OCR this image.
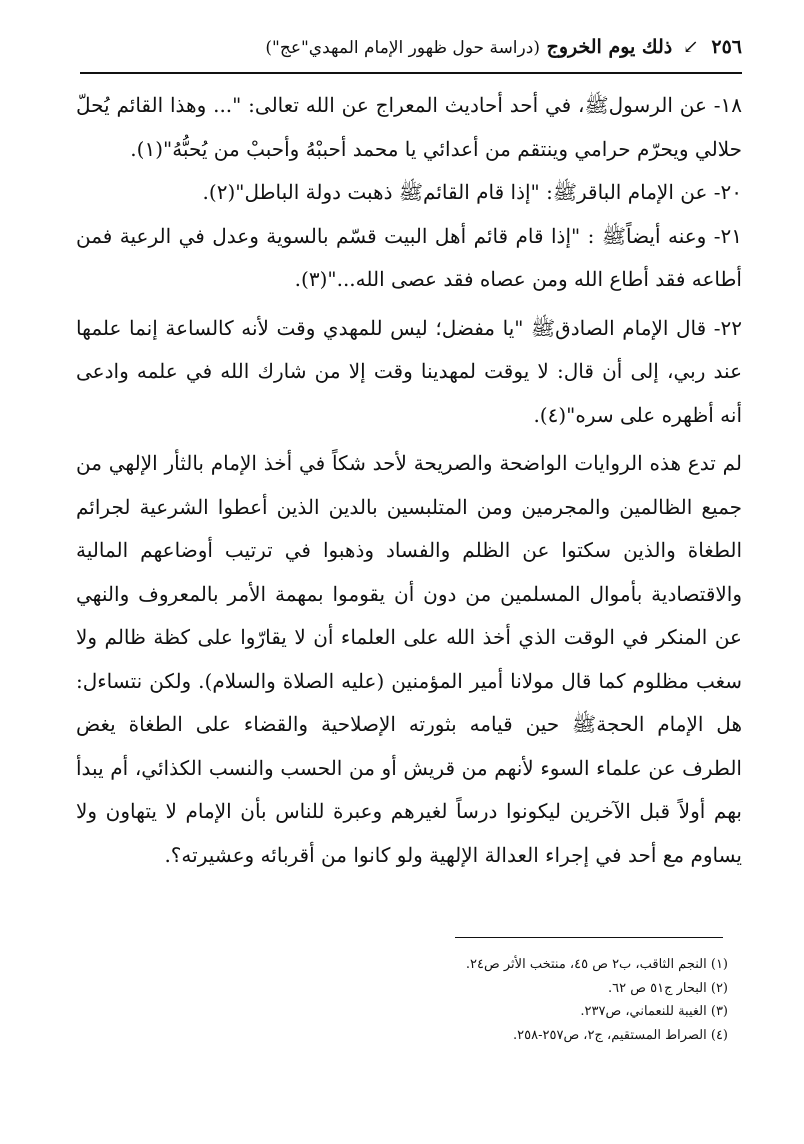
٢٥٦ ↙ ذلك يوم الخروج (دراسة حول ظهور الإمام المهدي"عج")

١٨- عن الرسولﷺ، في أحد أحاديث المعراج عن الله تعالى: "... وهذا القائم يُحلّ حلالي ويحرّم حرامي وينتقم من أعدائي يا محمد أحببْهُ وأحببْ من يُحبُّهُ"(١).

٢٠- عن الإمام الباقرﷺ: "إذا قام القائمﷺ ذهبت دولة الباطل"(٢).

٢١- وعنه أيضاًﷺ : "إذا قام قائم أهل البيت قسّم بالسوية وعدل في الرعية فمن أطاعه فقد أطاع الله ومن عصاه فقد عصى الله..."(٣).

٢٢- قال الإمام الصادقﷺ "يا مفضل؛ ليس للمهدي وقت لأنه كالساعة إنما علمها عند ربي، إلى أن قال: لا يوقت لمهدينا وقت إلا من شارك الله في علمه وادعى أنه أظهره على سره"(٤).

لم تدع هذه الروايات الواضحة والصريحة لأحد شكاً في أخذ الإمام بالثأر الإلهي من جميع الظالمين والمجرمين ومن المتلبسين بالدين الذين أعطوا الشرعية لجرائم الطغاة والذين سكتوا عن الظلم والفساد وذهبوا في ترتيب أوضاعهم المالية والاقتصادية بأموال المسلمين من دون أن يقوموا بمهمة الأمر بالمعروف والنهي عن المنكر في الوقت الذي أخذ الله على العلماء أن لا يقارّوا على كظة ظالم ولا سغب مظلوم كما قال مولانا أمير المؤمنين (عليه الصلاة والسلام). ولكن نتساءل: هل الإمام الحجةﷺ حين قيامه بثورته الإصلاحية والقضاء على الطغاة يغض الطرف عن علماء السوء لأنهم من قريش أو من الحسب والنسب الكذائي، أم يبدأ بهم أولاً قبل الآخرين ليكونوا درساً لغيرهم وعبرة للناس بأن الإمام لا يتهاون ولا يساوم مع أحد في إجراء العدالة الإلهية ولو كانوا من أقربائه وعشيرته؟.

(١) النجم الثاقب، ب٢ ص ٤٥، منتخب الأثر ص٢٤.
(٢) البحار ج٥١ ص ٦٢.
(٣) الغيبة للنعماني، ص٢٣٧.
(٤) الصراط المستقيم، ج٢، ص٢٥٧-٢٥٨.
